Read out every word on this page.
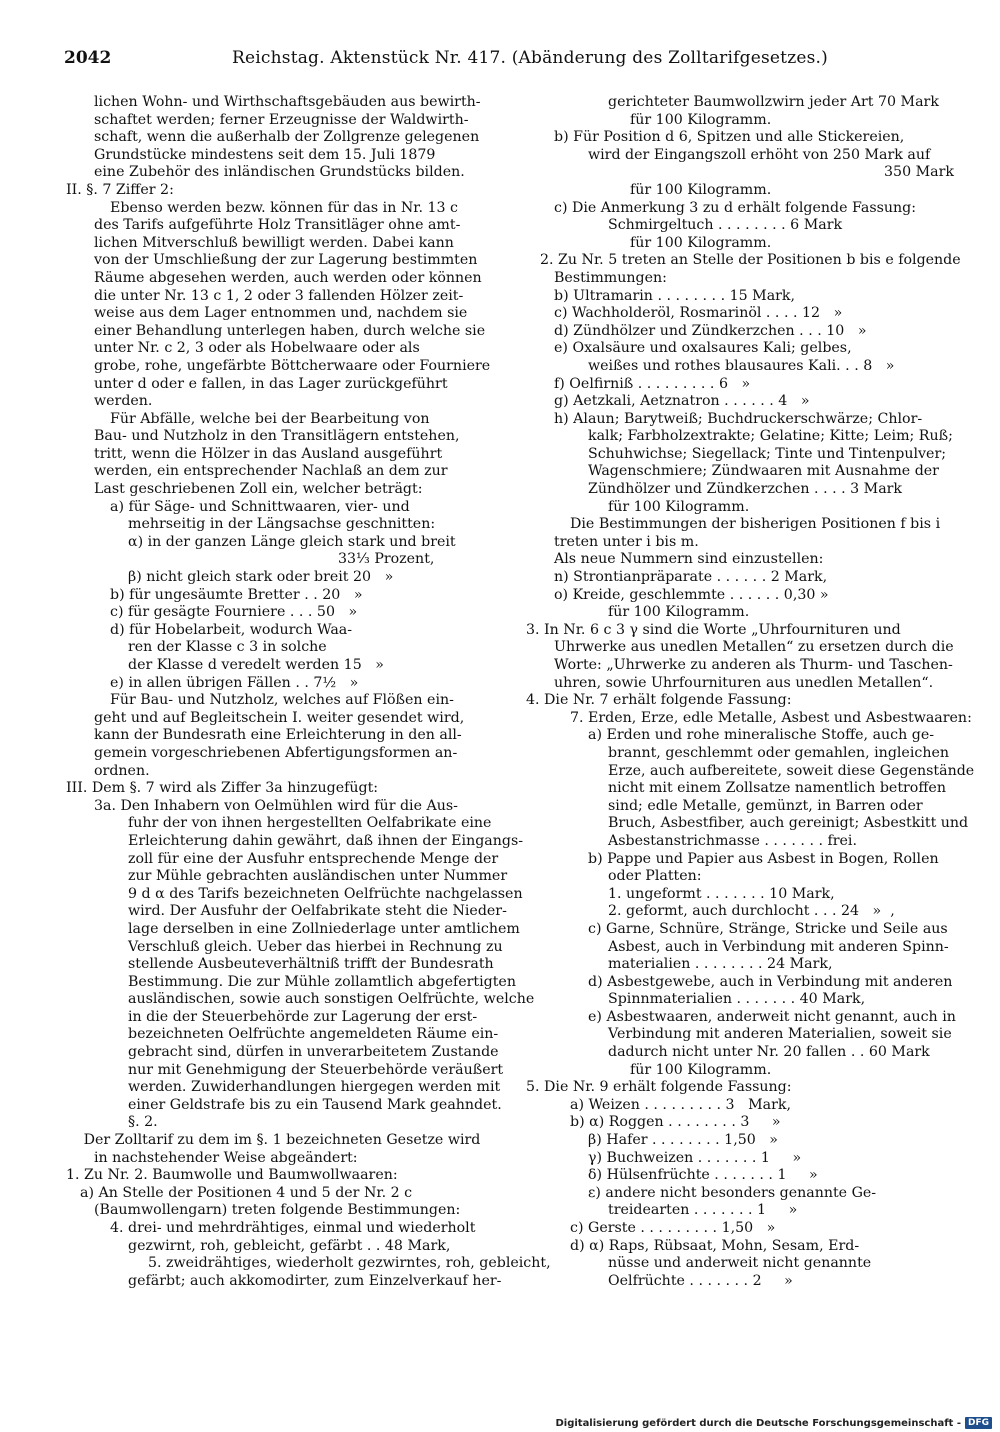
2042	Reichstag. Aktenstück Nr. 417. (Abänderung des Zolltarifgesetzes.)
lichen Wohn- und Wirthschaftsgebäuden aus bewirth-
schaftet werden; ferner Erzeugnisse der Waldwirth-
schaft, wenn die außerhalb der Zollgrenze gelegenen
Grundstücke mindestens seit dem 15. Juli 1879
eine Zubehör des inländischen Grundstücks bilden.
II. §. 7 Ziffer 2:
Ebenso werden bezw. können für das in Nr. 13 c
des Tarifs aufgeführte Holz Transitläger ohne amt-
lichen Mitverschluß bewilligt werden. Dabei kann
von der Umschließung der zur Lagerung bestimmten
Räume abgesehen werden, auch werden oder können
die unter Nr. 13 c 1, 2 oder 3 fallenden Hölzer zeit-
weise aus dem Lager entnommen und, nachdem sie
einer Behandlung unterlegen haben, durch welche sie
unter Nr. c 2, 3 oder als Hobelwaare oder als
grobe, rohe, ungefärbte Böttcherwaare oder Fourniere
unter d oder e fallen, in das Lager zurückgeführt
werden.
Für Abfälle, welche bei der Bearbeitung von
Bau- und Nutzholz in den Transitlägern entstehen,
tritt, wenn die Hölzer in das Ausland ausgeführt
werden, ein entsprechender Nachlaß an dem zur
Last geschriebenen Zoll ein, welcher beträgt:
a) für Säge- und Schnittwaaren, vier- und
mehrseitig in der Längsachse geschnitten:
α) in der ganzen Länge gleich stark und breit
33⅓ Prozent,
β) nicht gleich stark oder breit 20   »
b) für ungesäumte Bretter . . 20   »
c) für gesägte Fourniere . . . 50   »
d) für Hobelarbeit, wodurch Waa-
ren der Klasse c 3 in solche
der Klasse d veredelt werden 15   »
e) in allen übrigen Fällen . . 7½   »
Für Bau- und Nutzholz, welches auf Flößen ein-
geht und auf Begleitschein I. weiter gesendet wird,
kann der Bundesrath eine Erleichterung in den all-
gemein vorgeschriebenen Abfertigungsformen an-
ordnen.
III. Dem §. 7 wird als Ziffer 3a hinzugefügt:
3a. Den Inhabern von Oelmühlen wird für die Aus-
fuhr der von ihnen hergestellten Oelfabrikate eine
Erleichterung dahin gewährt, daß ihnen der Eingangs-
zoll für eine der Ausfuhr entsprechende Menge der
zur Mühle gebrachten ausländischen unter Nummer
9 d α des Tarifs bezeichneten Oelfrüchte nachgelassen
wird. Der Ausfuhr der Oelfabrikate steht die Nieder-
lage derselben in eine Zollniederlage unter amtlichem
Verschluß gleich. Ueber das hierbei in Rechnung zu
stellende Ausbeuteverhältniß trifft der Bundesrath
Bestimmung. Die zur Mühle zollamtlich abgefertigten
ausländischen, sowie auch sonstigen Oelfrüchte, welche
in die der Steuerbehörde zur Lagerung der erst-
bezeichneten Oelfrüchte angemeldeten Räume ein-
gebracht sind, dürfen in unverarbeitetem Zustande
nur mit Genehmigung der Steuerbehörde veräußert
werden. Zuwiderhandlungen hiergegen werden mit
einer Geldstrafe bis zu ein Tausend Mark geahndet.
§. 2.
Der Zolltarif zu dem im §. 1 bezeichneten Gesetze wird
in nachstehender Weise abgeändert:
1. Zu Nr. 2. Baumwolle und Baumwollwaaren:
a) An Stelle der Positionen 4 und 5 der Nr. 2 c
(Baumwollengarn) treten folgende Bestimmungen:
4. drei- und mehrdrähtiges, einmal und wiederholt
gezwirnt, roh, gebleicht, gefärbt . . 48 Mark,
5. zweidrähtiges, wiederholt gezwirntes, roh, gebleicht,
gefärbt; auch akkomodirter, zum Einzelverkauf her-
gerichteter Baumwollzwirn jeder Art 70 Mark
für 100 Kilogramm.
b) Für Position d 6, Spitzen und alle Stickereien,
wird der Eingangszoll erhöht von 250 Mark auf
350 Mark
für 100 Kilogramm.
c) Die Anmerkung 3 zu d erhält folgende Fassung:
Schmirgeltuch . . . . . . . . 6 Mark
für 100 Kilogramm.
2. Zu Nr. 5 treten an Stelle der Positionen b bis e folgende
Bestimmungen:
b) Ultramarin . . . . . . . . 15 Mark,
c) Wachholderöl, Rosmarinöl . . . . 12   »
d) Zündhölzer und Zündkerzchen . . . 10   »
e) Oxalsäure und oxalsaures Kali; gelbes,
weißes und rothes blausaures Kali. . . 8   »
f) Oelfirniß . . . . . . . . . 6   »
g) Aetzkali, Aetznatron . . . . . . 4   »
h) Alaun; Barytweiß; Buchdruckerschwärze; Chlor-
kalk; Farbholzextrakte; Gelatine; Kitte; Leim; Ruß;
Schuhwichse; Siegellack; Tinte und Tintenpulver;
Wagenschmiere; Zündwaaren mit Ausnahme der
Zündhölzer und Zündkerzchen . . . . 3 Mark
für 100 Kilogramm.
Die Bestimmungen der bisherigen Positionen f bis i
treten unter i bis m.
Als neue Nummern sind einzustellen:
n) Strontianpräparate . . . . . . 2 Mark,
o) Kreide, geschlemmte . . . . . . 0,30 »
für 100 Kilogramm.
3. In Nr. 6 c 3 γ sind die Worte „Uhrfournituren und
Uhrwerke aus unedlen Metallen“ zu ersetzen durch die
Worte: „Uhrwerke zu anderen als Thurm- und Taschen-
uhren, sowie Uhrfournituren aus unedlen Metallen“.
4. Die Nr. 7 erhält folgende Fassung:
7. Erden, Erze, edle Metalle, Asbest und Asbestwaaren:
a) Erden und rohe mineralische Stoffe, auch ge-
brannt, geschlemmt oder gemahlen, ingleichen
Erze, auch aufbereitete, soweit diese Gegenstände
nicht mit einem Zollsatze namentlich betroffen
sind; edle Metalle, gemünzt, in Barren oder
Bruch, Asbestfiber, auch gereinigt; Asbestkitt und
Asbestanstrichmasse . . . . . . . frei.
b) Pappe und Papier aus Asbest in Bogen, Rollen
oder Platten:
1. ungeformt . . . . . . . 10 Mark,
2. geformt, auch durchlocht . . . 24   »  ,
c) Garne, Schnüre, Stränge, Stricke und Seile aus
Asbest, auch in Verbindung mit anderen Spinn-
materialien . . . . . . . . 24 Mark,
d) Asbestgewebe, auch in Verbindung mit anderen
Spinnmaterialien . . . . . . . 40 Mark,
e) Asbestwaaren, anderweit nicht genannt, auch in
Verbindung mit anderen Materialien, soweit sie
dadurch nicht unter Nr. 20 fallen . . 60 Mark
für 100 Kilogramm.
5. Die Nr. 9 erhält folgende Fassung:
a) Weizen . . . . . . . . . 3   Mark,
b) α) Roggen . . . . . . . . 3     »
β) Hafer . . . . . . . . 1,50   »
γ) Buchweizen . . . . . . . 1     »
δ) Hülsenfrüchte . . . . . . . 1     »
ε) andere nicht besonders genannte Ge-
treidearten . . . . . . . 1     »
c) Gerste . . . . . . . . . 1,50   »
d) α) Raps, Rübsaat, Mohn, Sesam, Erd-
nüsse und anderweit nicht genannte
Oelfrüchte . . . . . . . 2     »
Digitalisierung gefördert durch die Deutsche Forschungsgemeinschaft - DFG
